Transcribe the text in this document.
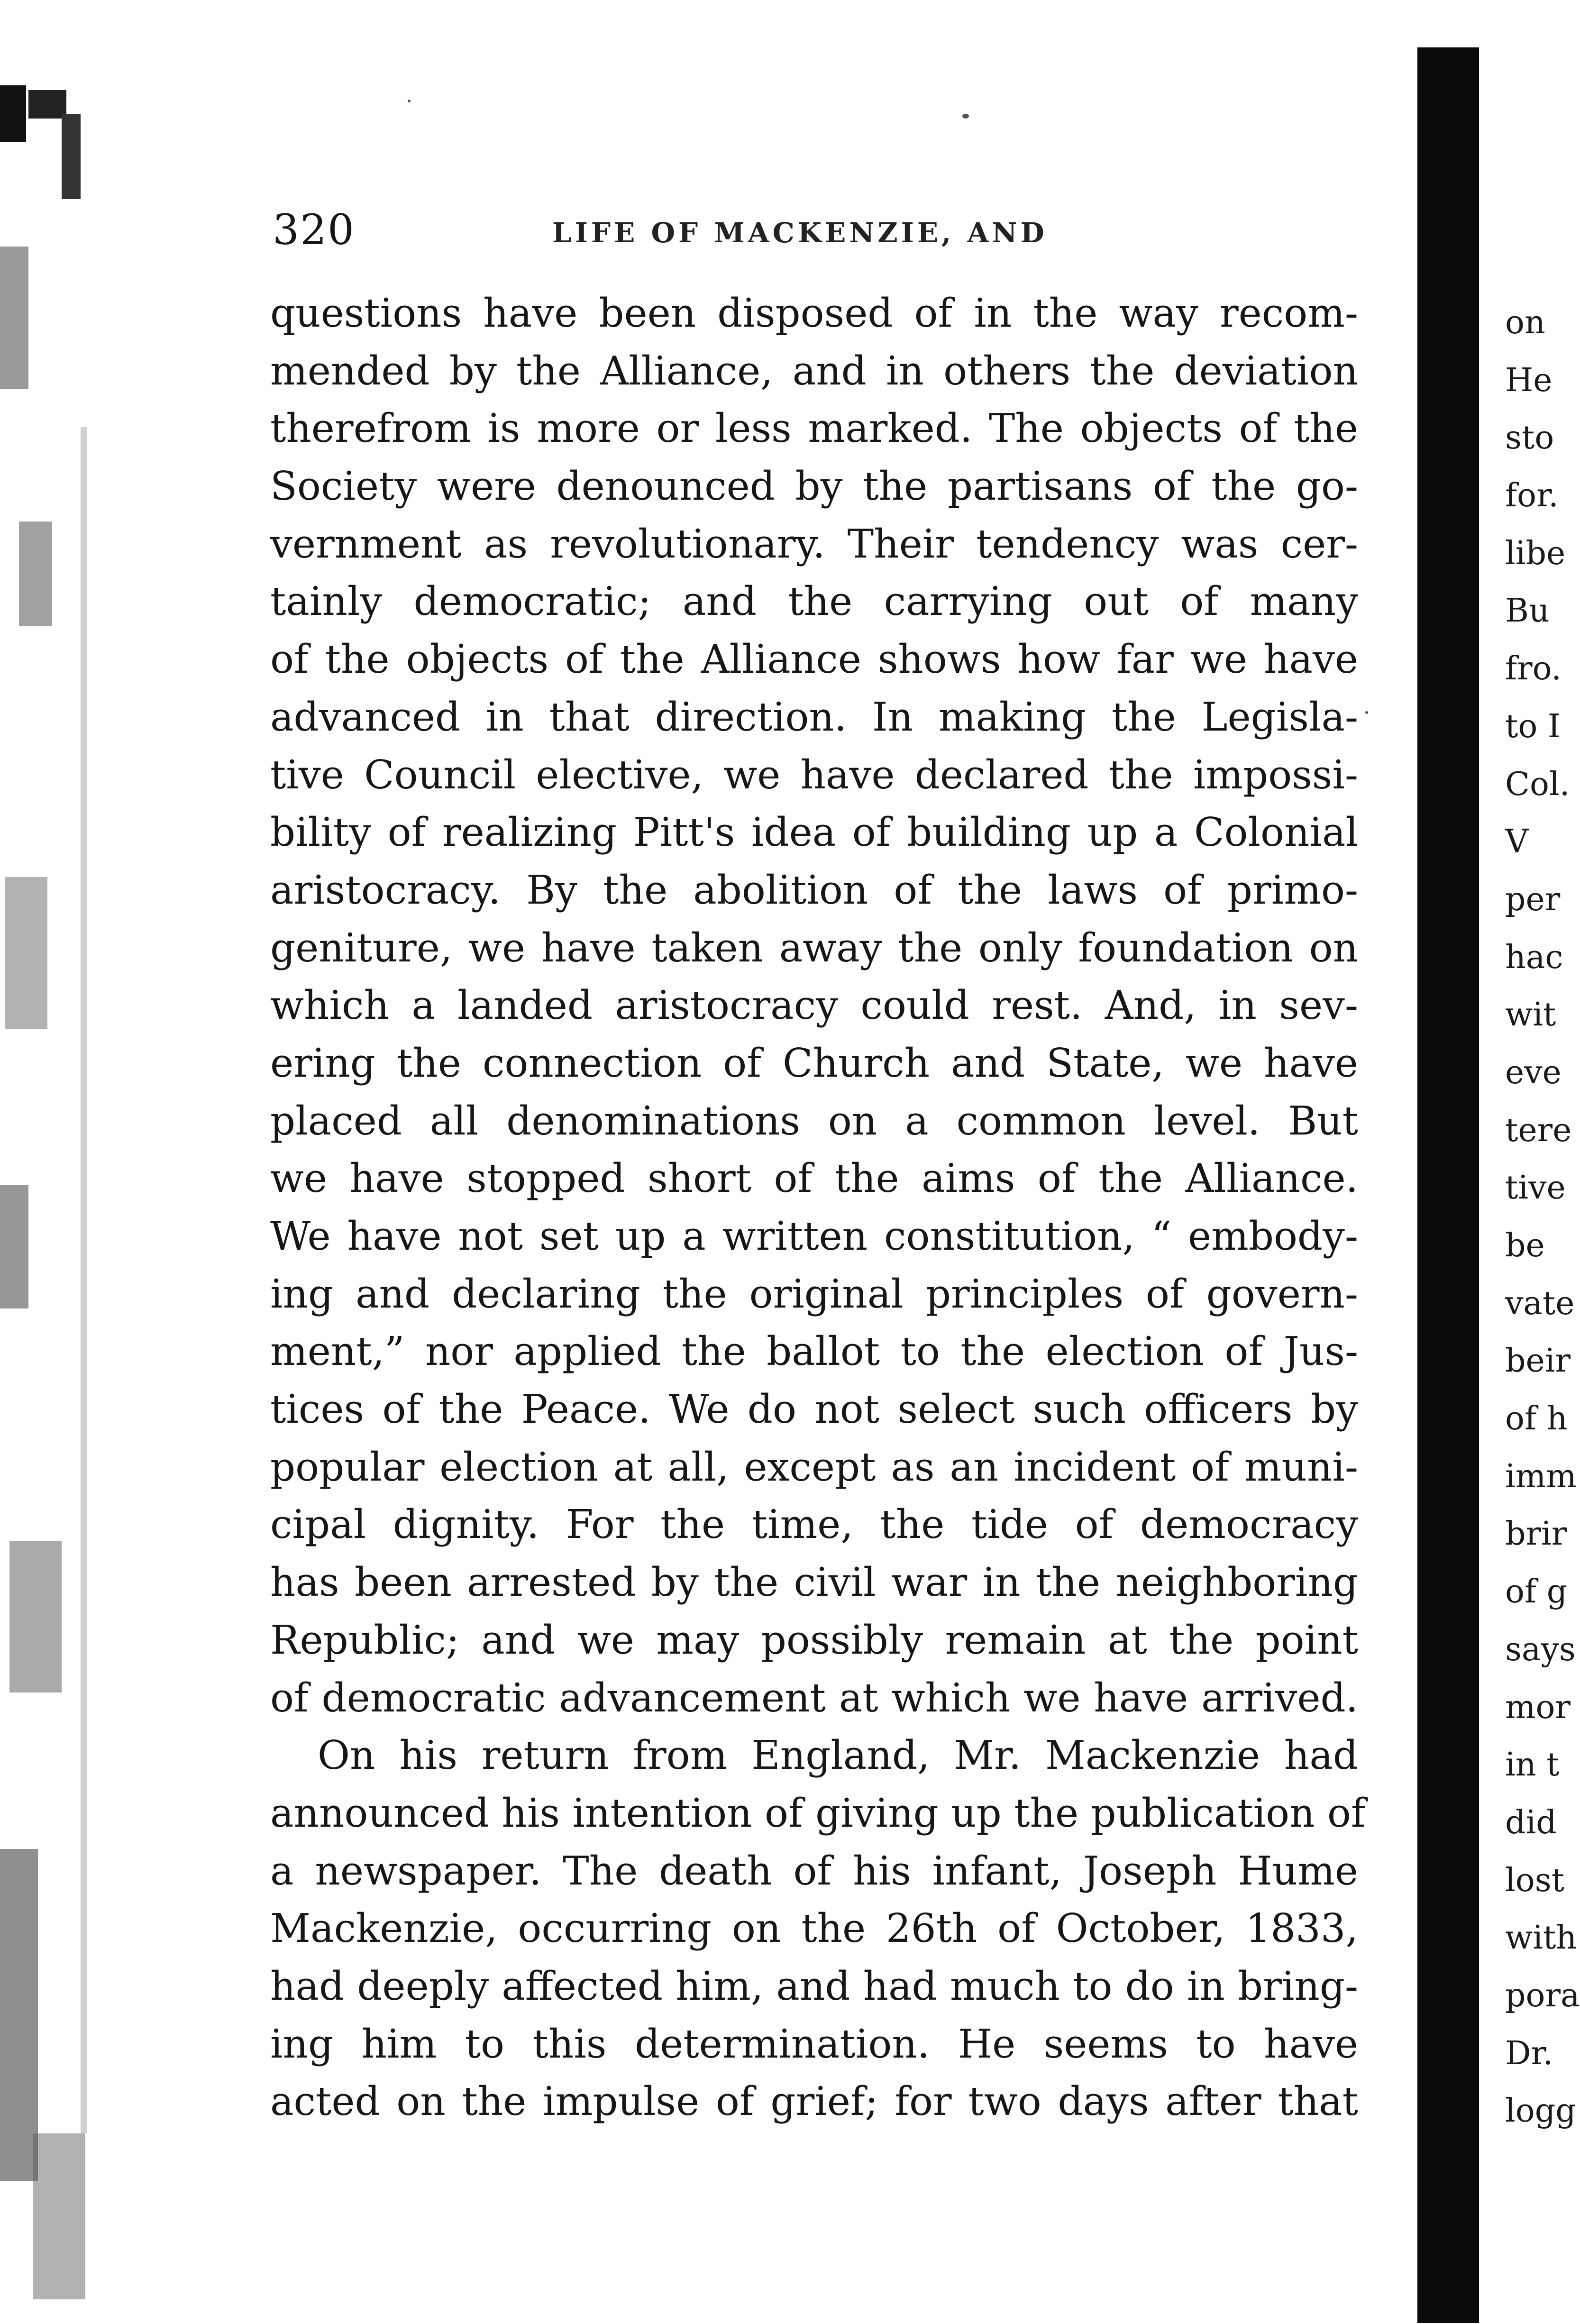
320	LIFE OF MACKENZIE, AND
questions have been disposed of in the way recom-
mended by the Alliance, and in others the deviation
therefrom is more or less marked. The objects of the
Society were denounced by the partisans of the go-
vernment as revolutionary. Their tendency was cer-
tainly democratic; and the carrying out of many
of the objects of the Alliance shows how far we have
advanced in that direction. In making the Legisla-
tive Council elective, we have declared the impossi-
bility of realizing Pitt's idea of building up a Colonial
aristocracy. By the abolition of the laws of primo-
geniture, we have taken away the only foundation on
which a landed aristocracy could rest. And, in sev-
ering the connection of Church and State, we have
placed all denominations on a common level. But
we have stopped short of the aims of the Alliance.
We have not set up a written constitution, “ embody-
ing and declaring the original principles of govern-
ment,” nor applied the ballot to the election of Jus-
tices of the Peace. We do not select such officers by
popular election at all, except as an incident of muni-
cipal dignity. For the time, the tide of democracy
has been arrested by the civil war in the neighboring
Republic; and we may possibly remain at the point
of democratic advancement at which we have arrived.
On his return from England, Mr. Mackenzie had
announced his intention of giving up the publication of
a newspaper. The death of his infant, Joseph Hume
Mackenzie, occurring on the 26th of October, 1833,
had deeply affected him, and had much to do in bring-
ing him to this determination. He seems to have
acted on the impulse of grief; for two days after that
on
He
sto
for.
libe
Bu
fro.
to I
Col.
V
per
hac
wit
eve
tere
tive
be
vate
beir
of h
imm
brir
of g
says
mor
in t
did
lost
with
pora
Dr.
logg
